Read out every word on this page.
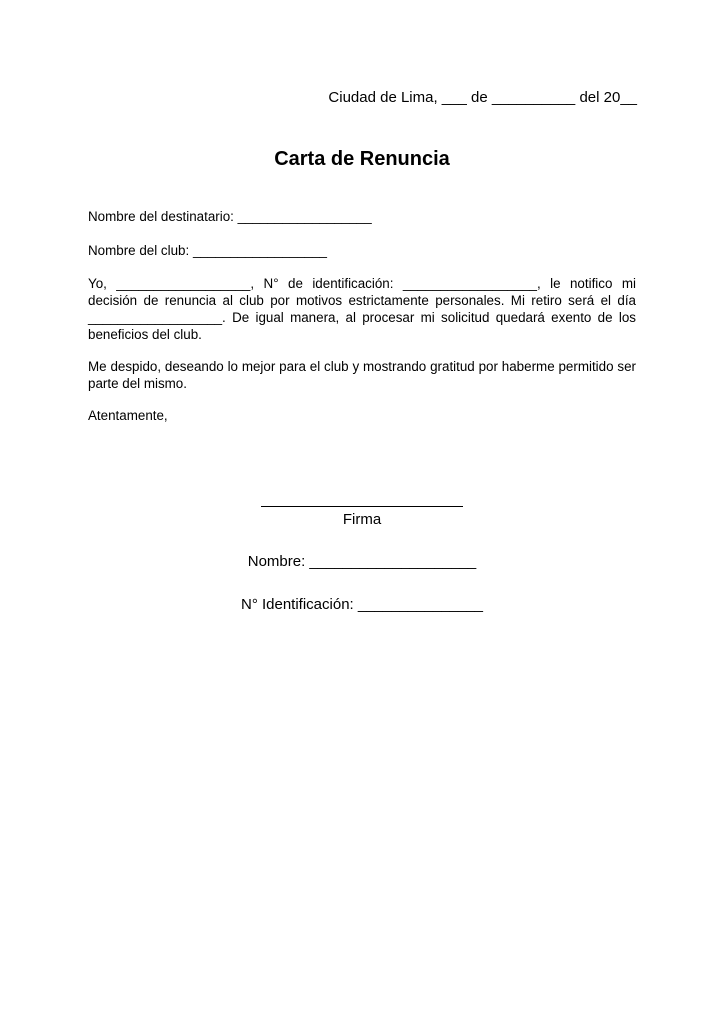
Ciudad de Lima, ___ de __________ del 20__
Carta de Renuncia
Nombre del destinatario: __________________
Nombre del club: __________________
Yo, __________________, N° de identificación: __________________, le notifico mi decisión de renuncia al club por motivos estrictamente personales. Mi retiro será el día __________________. De igual manera, al procesar mi solicitud quedará exento de los beneficios del club.
Me despido, deseando lo mejor para el club y mostrando gratitud por haberme permitido ser parte del mismo.
Atentamente,
Firma
Nombre: ____________________
N° Identificación: _______________
